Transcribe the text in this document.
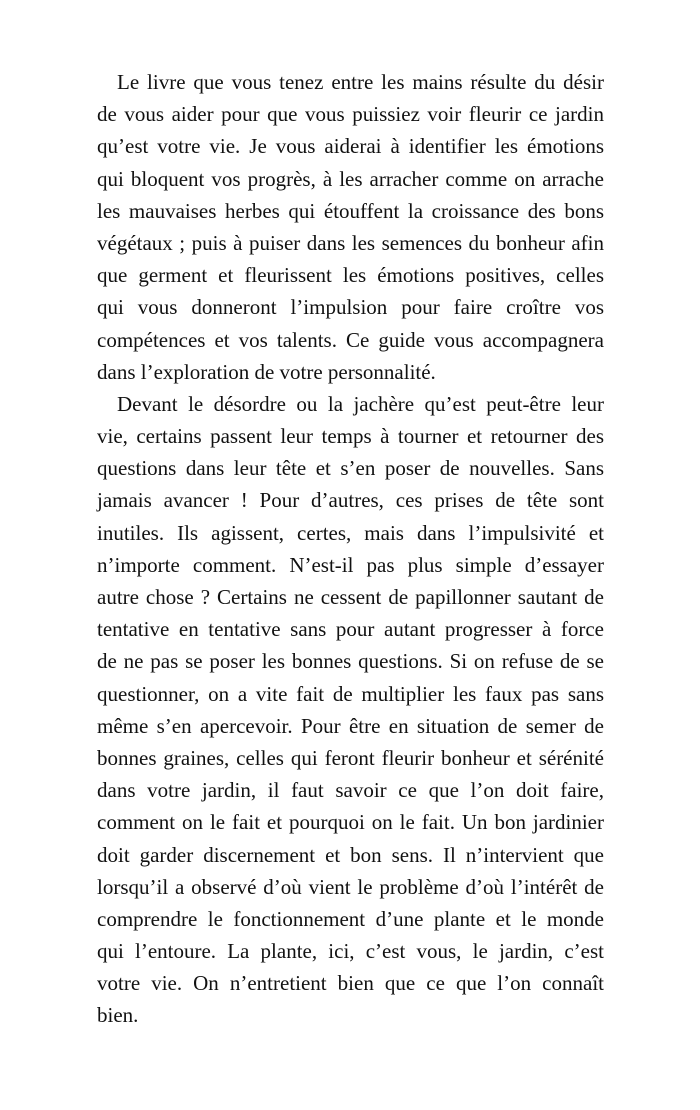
Le livre que vous tenez entre les mains résulte du désir
de vous aider pour que vous puissiez voir fleurir ce jardin
qu’est votre vie. Je vous aiderai à identifier les émotions
qui bloquent vos progrès, à les arracher comme on arrache
les mauvaises herbes qui étouffent la croissance des bons
végétaux ; puis à puiser dans les semences du bonheur afin
que germent et fleurissent les émotions positives, celles
qui vous donneront l’impulsion pour faire croître vos
compétences et vos talents. Ce guide vous accompagnera
dans l’exploration de votre personnalité.
Devant le désordre ou la jachère qu’est peut-être leur
vie, certains passent leur temps à tourner et retourner des
questions dans leur tête et s’en poser de nouvelles. Sans
jamais avancer ! Pour d’autres, ces prises de tête sont
inutiles. Ils agissent, certes, mais dans l’impulsivité et
n’importe comment. N’est-il pas plus simple d’essayer
autre chose ? Certains ne cessent de papillonner sautant de
tentative en tentative sans pour autant progresser à force
de ne pas se poser les bonnes questions. Si on refuse de se
questionner, on a vite fait de multiplier les faux pas sans
même s’en apercevoir. Pour être en situation de semer de
bonnes graines, celles qui feront fleurir bonheur et sérénité
dans votre jardin, il faut savoir ce que l’on doit faire,
comment on le fait et pourquoi on le fait. Un bon jardinier
doit garder discernement et bon sens. Il n’intervient que
lorsqu’il a observé d’où vient le problème d’où l’intérêt de
comprendre le fonctionnement d’une plante et le monde
qui l’entoure. La plante, ici, c’est vous, le jardin, c’est
votre vie. On n’entretient bien que ce que l’on connaît
bien.
